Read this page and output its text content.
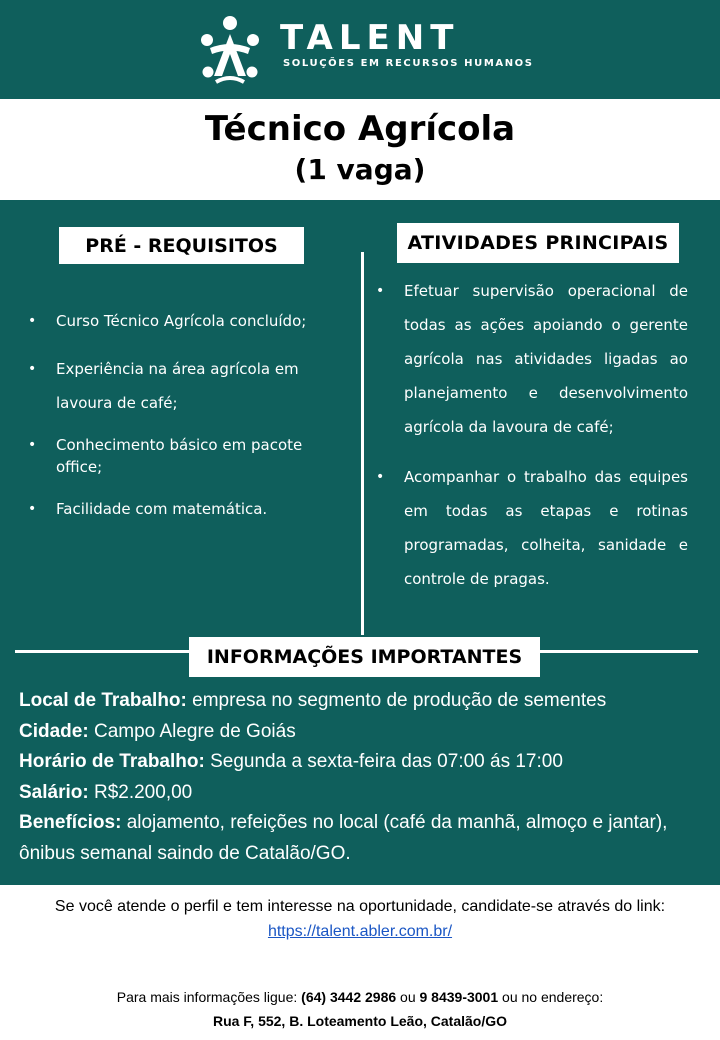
TALENT
SOLUÇÕES EM RECURSOS HUMANOS
Técnico Agrícola
(1 vaga)
PRÉ - REQUISITOS	ATIVIDADES PRINCIPAIS
• Curso Técnico Agrícola concluído;
• Experiência na área agrícola em lavoura de café;
• Conhecimento básico em pacote office;
• Facilidade com matemática.
• Efetuar supervisão operacional de todas as ações apoiando o gerente agrícola nas atividades ligadas ao planejamento e desenvolvimento agrícola da lavoura de café;
• Acompanhar o trabalho das equipes em todas as etapas e rotinas programadas, colheita, sanidade e controle de pragas.
INFORMAÇÕES IMPORTANTES
Local de Trabalho: empresa no segmento de produção de sementes
Cidade: Campo Alegre de Goiás
Horário de Trabalho: Segunda a sexta-feira das 07:00 ás 17:00
Salário: R$2.200,00
Benefícios: alojamento, refeições no local (café da manhã, almoço e jantar), ônibus semanal saindo de Catalão/GO.
Se você atende o perfil e tem interesse na oportunidade, candidate-se através do link: https://talent.abler.com.br/
Para mais informações ligue: (64) 3442 2986 ou 9 8439-3001 ou no endereço:
Rua F, 552, B. Loteamento Leão, Catalão/GO
